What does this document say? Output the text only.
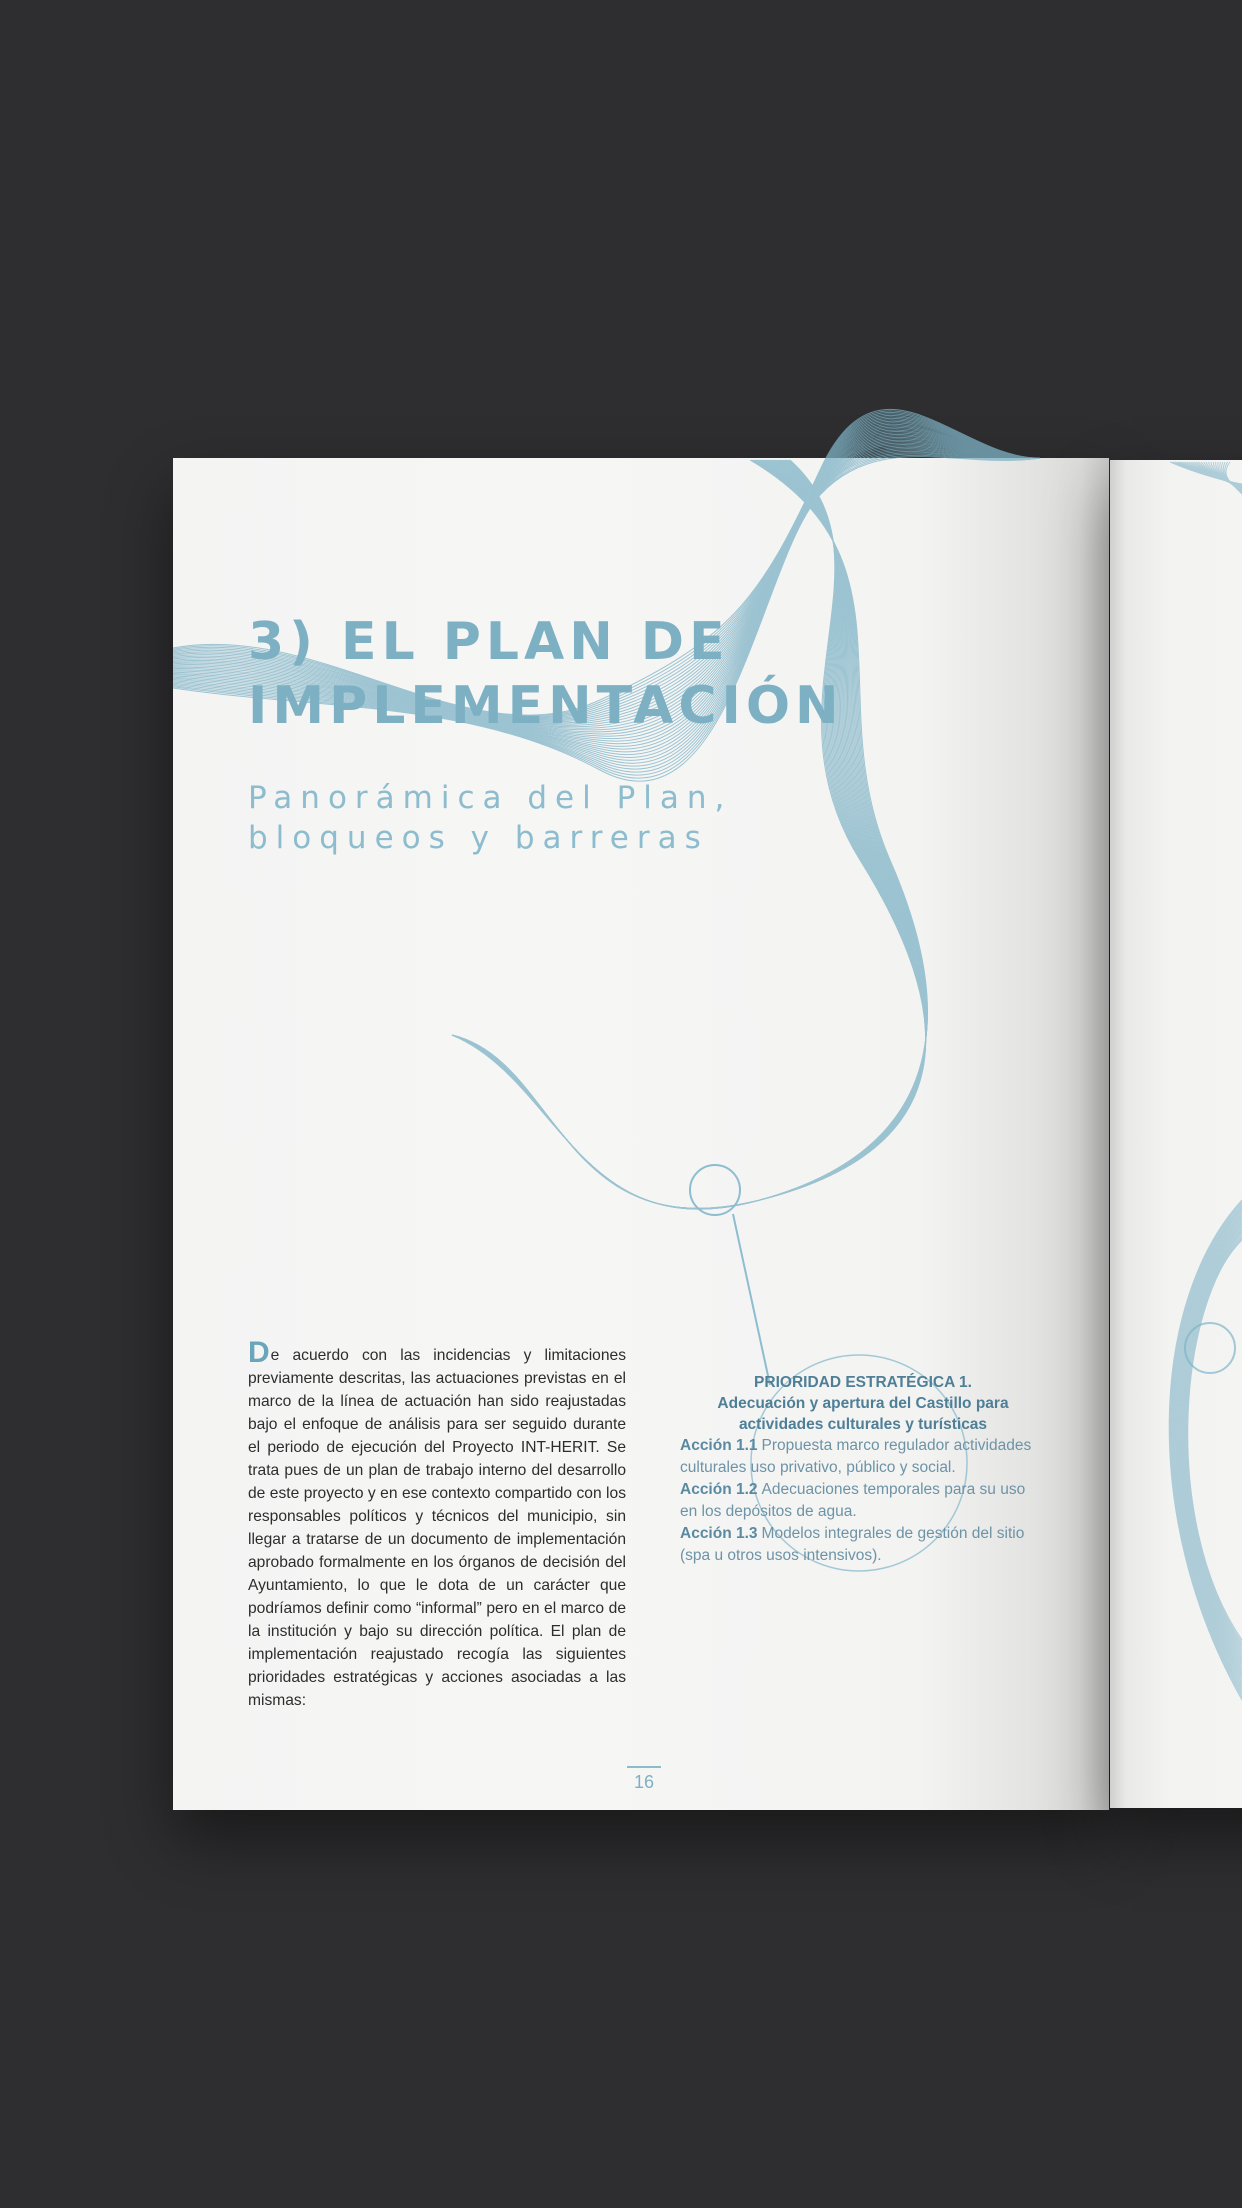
3) EL PLAN DE
IMPLEMENTACIÓN
Panorámica del Plan,
bloqueos y barreras

De acuerdo con las incidencias y limitaciones previamente descritas, las actuaciones previstas en el marco de la línea de actuación han sido reajustadas bajo el enfoque de análisis para ser seguido durante el periodo de ejecución del Proyecto INT-HERIT. Se trata pues de un plan de trabajo interno del desarrollo de este proyecto y en ese contexto compartido con los responsables políticos y técnicos del municipio, sin llegar a tratarse de un documento de implementación aprobado formalmente en los órganos de decisión del Ayuntamiento, lo que le dota de un carácter que podríamos definir como “informal” pero en el marco de la institución y bajo su dirección política. El plan de implementación reajustado recogía las siguientes prioridades estratégicas y acciones asociadas a las mismas:

PRIORIDAD ESTRATÉGICA 1.
Adecuación y apertura del Castillo para
actividades culturales y turísticas

Acción 1.1 Propuesta marco regulador actividades culturales uso privativo, público y social.

Acción 1.2 Adecuaciones temporales para su uso en los depósitos de agua.

Acción 1.3 Modelos integrales de gestión del sitio (spa u otros usos intensivos).

16
